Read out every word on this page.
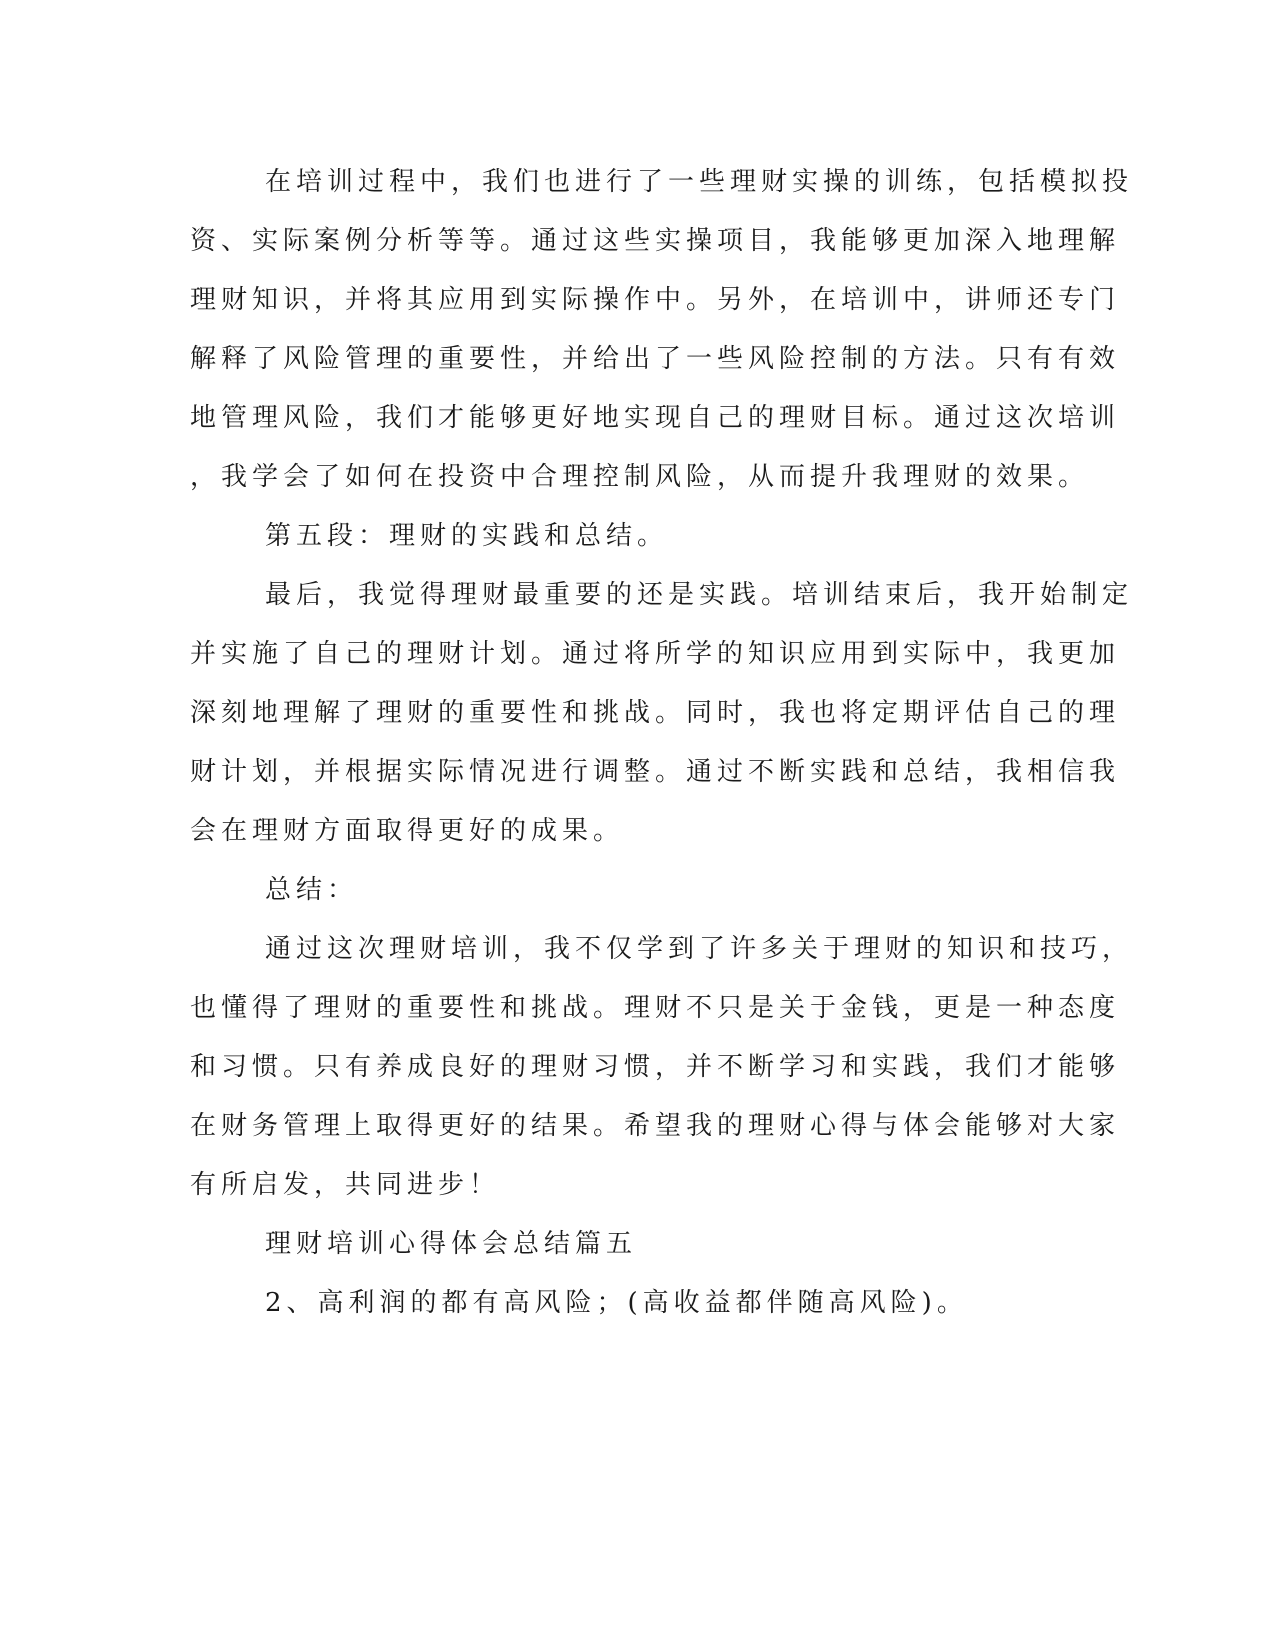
在培训过程中，我们也进行了一些理财实操的训练，包括模拟投
资、实际案例分析等等。通过这些实操项目，我能够更加深入地理解
理财知识，并将其应用到实际操作中。另外，在培训中，讲师还专门
解释了风险管理的重要性，并给出了一些风险控制的方法。只有有效
地管理风险，我们才能够更好地实现自己的理财目标。通过这次培训
，我学会了如何在投资中合理控制风险，从而提升我理财的效果。
第五段：理财的实践和总结。
最后，我觉得理财最重要的还是实践。培训结束后，我开始制定
并实施了自己的理财计划。通过将所学的知识应用到实际中，我更加
深刻地理解了理财的重要性和挑战。同时，我也将定期评估自己的理
财计划，并根据实际情况进行调整。通过不断实践和总结，我相信我
会在理财方面取得更好的成果。
总结：
通过这次理财培训，我不仅学到了许多关于理财的知识和技巧，
也懂得了理财的重要性和挑战。理财不只是关于金钱，更是一种态度
和习惯。只有养成良好的理财习惯，并不断学习和实践，我们才能够
在财务管理上取得更好的结果。希望我的理财心得与体会能够对大家
有所启发，共同进步！
理财培训心得体会总结篇五
2、高利润的都有高风险；(高收益都伴随高风险)。
